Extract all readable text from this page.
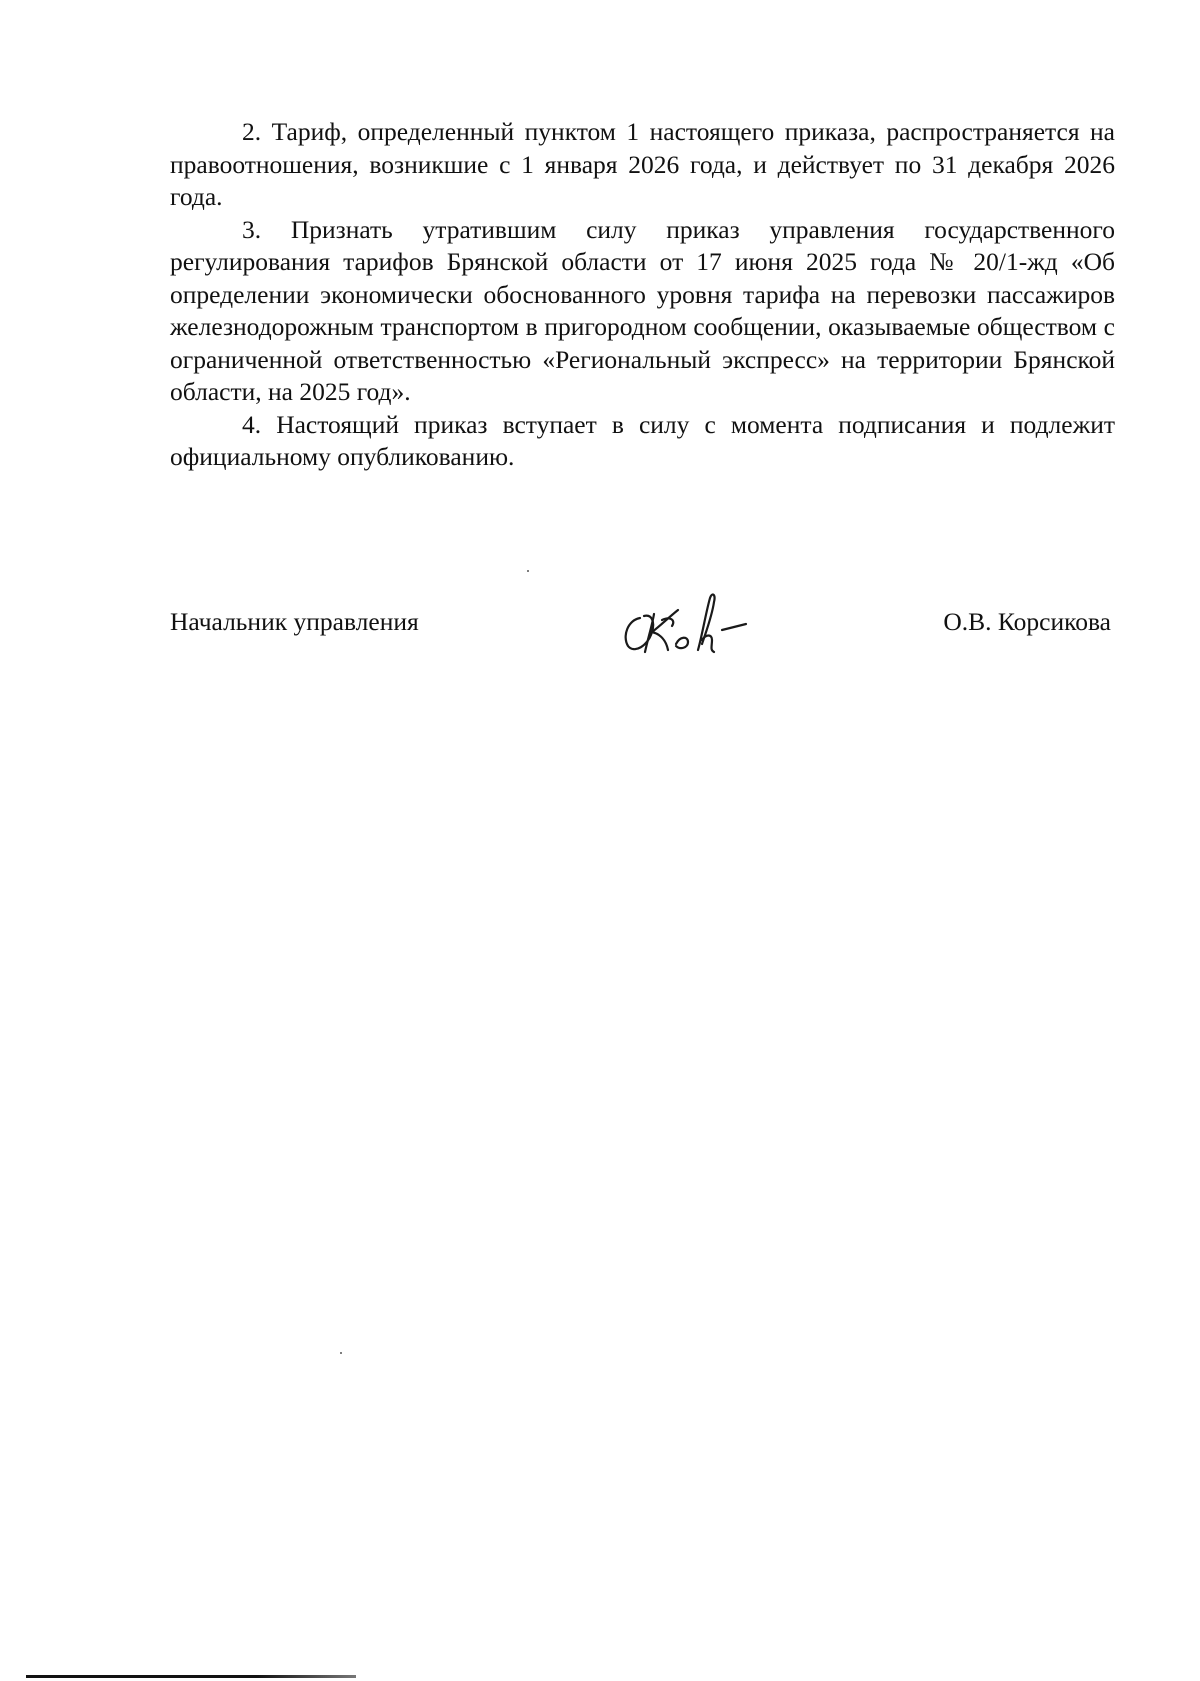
2. Тариф, определенный пунктом 1 настоящего приказа, распространяется на правоотношения, возникшие с 1 января 2026 года, и действует по 31 декабря 2026 года.

3. Признать утратившим силу приказ управления государственного регулирования тарифов Брянской области от 17 июня 2025 года № 20/1-жд «Об определении экономически обоснованного уровня тарифа на перевозки пассажиров железнодорожным транспортом в пригородном сообщении, оказываемые обществом с ограниченной ответственностью «Региональный экспресс» на территории Брянской области, на 2025 год».

4. Настоящий приказ вступает в силу с момента подписания и подлежит официальному опубликованию.

Начальник управления	О.В. Корсикова
